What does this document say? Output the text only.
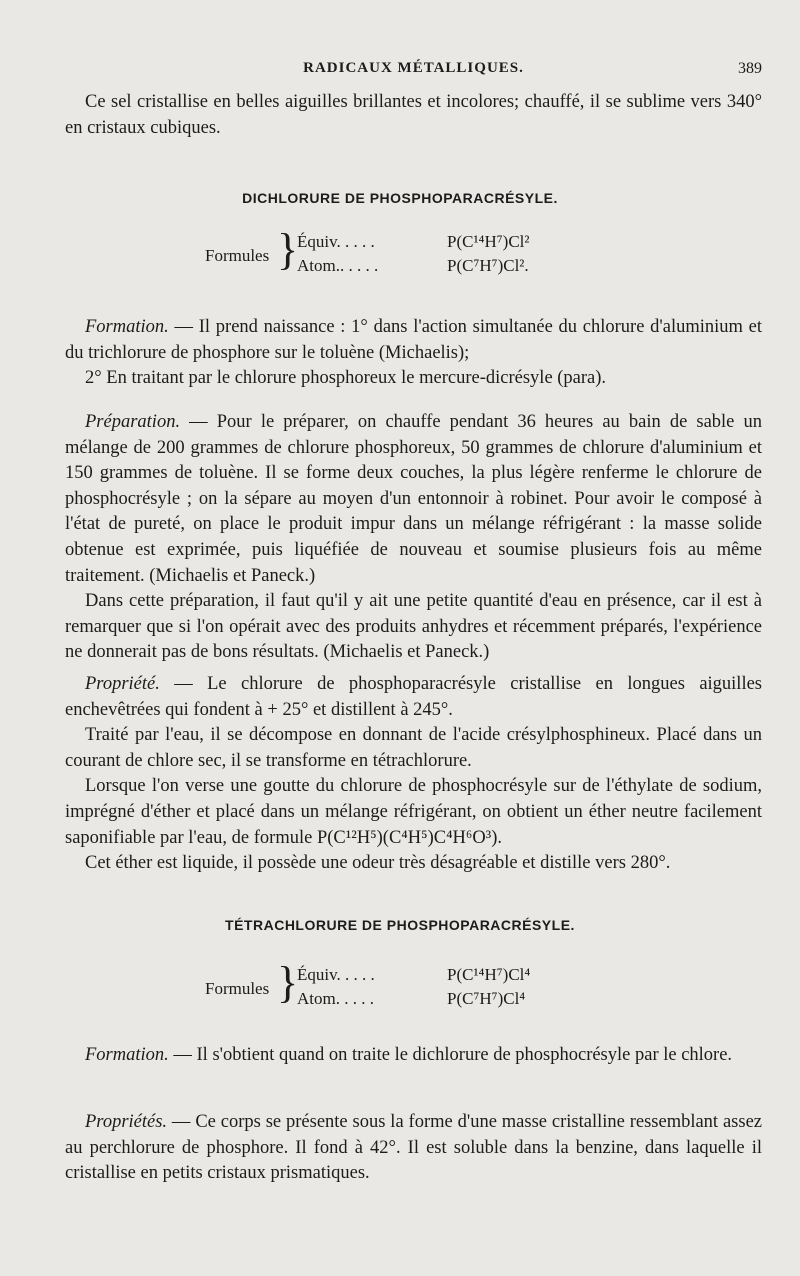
RADICAUX MÉTALLIQUES.	389

Ce sel cristallise en belles aiguilles brillantes et incolores; chauffé, il se sublime vers 340° en cristaux cubiques.

DICHLORURE DE PHOSPHOPARACRÉSYLE.
Formules }
Équiv. . . . .	P(C¹⁴H⁷)Cl²
Atom.. . . . .	P(C⁷H⁷)Cl².

Formation. — Il prend naissance : 1° dans l'action simultanée du chlorure d'aluminium et du trichlorure de phosphore sur le toluène (Michaelis);

2° En traitant par le chlorure phosphoreux le mercure-dicrésyle (para).

Préparation. — Pour le préparer, on chauffe pendant 36 heures au bain de sable un mélange de 200 grammes de chlorure phosphoreux, 50 grammes de chlorure d'aluminium et 150 grammes de toluène. Il se forme deux couches, la plus légère renferme le chlorure de phosphocrésyle ; on la sépare au moyen d'un entonnoir à robinet. Pour avoir le composé à l'état de pureté, on place le produit impur dans un mélange réfrigérant : la masse solide obtenue est exprimée, puis liquéfiée de nouveau et soumise plusieurs fois au même traitement. (Michaelis et Paneck.)

Dans cette préparation, il faut qu'il y ait une petite quantité d'eau en présence, car il est à remarquer que si l'on opérait avec des produits anhydres et récemment préparés, l'expérience ne donnerait pas de bons résultats. (Michaelis et Paneck.)

Propriété. — Le chlorure de phosphoparacrésyle cristallise en longues aiguilles enchevêtrées qui fondent à + 25° et distillent à 245°.

Traité par l'eau, il se décompose en donnant de l'acide crésylphosphineux. Placé dans un courant de chlore sec, il se transforme en tétrachlorure.

Lorsque l'on verse une goutte du chlorure de phosphocrésyle sur de l'éthylate de sodium, imprégné d'éther et placé dans un mélange réfrigérant, on obtient un éther neutre facilement saponifiable par l'eau, de formule P(C¹²H⁵)(C⁴H⁵)C⁴H⁶O³).

Cet éther est liquide, il possède une odeur très désagréable et distille vers 280°.

TÉTRACHLORURE DE PHOSPHOPARACRÉSYLE.
Formules }
Équiv. . . . .	P(C¹⁴H⁷)Cl⁴
Atom. . . . .	P(C⁷H⁷)Cl⁴

Formation. — Il s'obtient quand on traite le dichlorure de phosphocrésyle par le chlore.

Propriétés. — Ce corps se présente sous la forme d'une masse cristalline ressemblant assez au perchlorure de phosphore. Il fond à 42°. Il est soluble dans la benzine, dans laquelle il cristallise en petits cristaux prismatiques.
